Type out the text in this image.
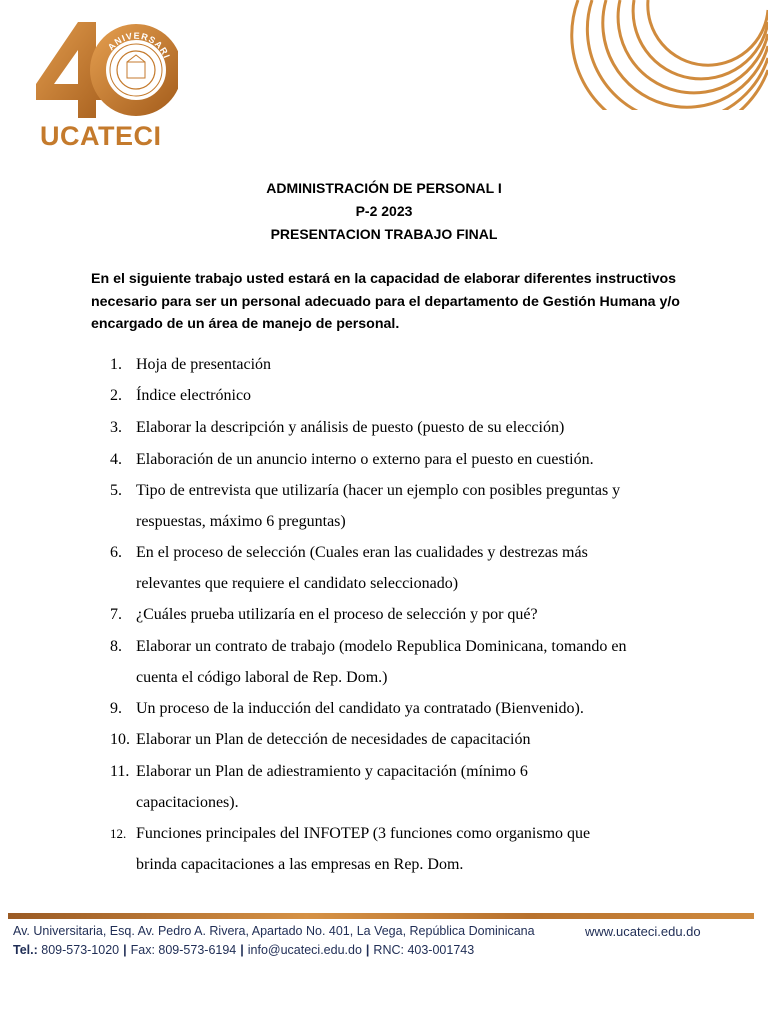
ANIVERSARI
UCATECI
ADMINISTRACIÓN DE PERSONAL I
P-2 2023
PRESENTACION TRABAJO FINAL
En el siguiente trabajo usted estará en la capacidad de elaborar diferentes instructivos necesario para ser un personal adecuado para el departamento de Gestión Humana y/o encargado de un área de manejo de personal.
1. Hoja de presentación
2. Índice electrónico
3. Elaborar la descripción y análisis de puesto (puesto de su elección)
4. Elaboración de un anuncio interno o externo para el puesto en cuestión.
5. Tipo de entrevista que utilizaría (hacer un ejemplo con posibles preguntas y
respuestas, máximo 6 preguntas)
6. En el proceso de selección (Cuales eran las cualidades y destrezas más
relevantes que requiere el candidato seleccionado)
7. ¿Cuáles prueba utilizaría en el proceso de selección y por qué?
8. Elaborar un contrato de trabajo (modelo Republica Dominicana, tomando en
cuenta el código laboral de Rep. Dom.)
9. Un proceso de la inducción del candidato ya contratado (Bienvenido).
10. Elaborar un Plan de detección de necesidades de capacitación
11. Elaborar un Plan de adiestramiento y capacitación (mínimo 6
capacitaciones).
12. Funciones principales del INFOTEP (3 funciones como organismo que
brinda capacitaciones a las empresas en Rep. Dom.
Av. Universitaria, Esq. Av. Pedro A. Rivera, Apartado No. 401, La Vega, República Dominicana	www.ucateci.edu.do
Tel.: 809-573-1020 | Fax: 809-573-6194 | info@ucateci.edu.do | RNC: 403-001743
